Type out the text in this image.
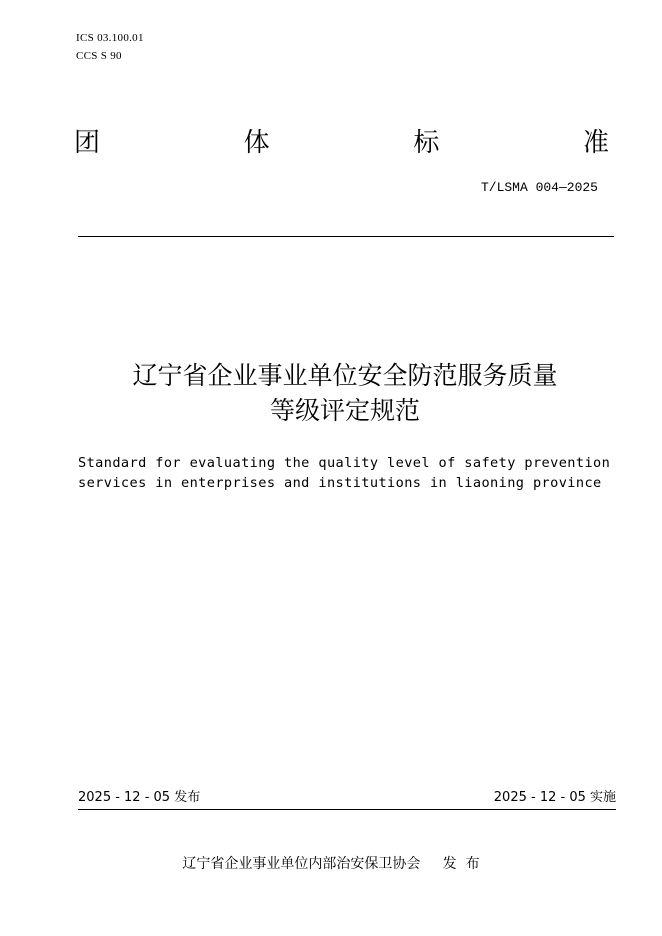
ICS 03.100.01
CCS S 90
团	体	标	准
T/LSMA 004—2025
辽宁省企业事业单位安全防范服务质量
等级评定规范
Standard for evaluating the quality level of safety prevention
services in enterprises and institutions in liaoning province
2025 - 12 - 05 发布	2025 - 12 - 05 实施
辽宁省企业事业单位内部治安保卫协会     发  布
